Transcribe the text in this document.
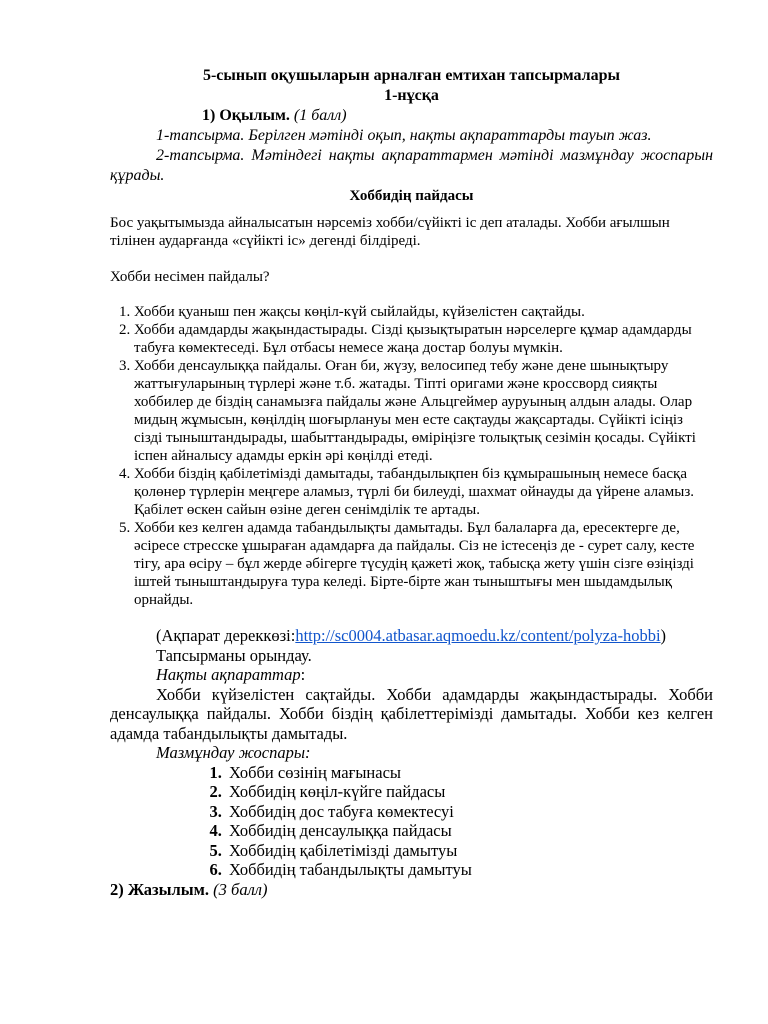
5-сынып оқушыларын арналған емтихан тапсырмалары
1-нұсқа
1) Оқылым. (1 балл)

1-тапсырма. Берілген мәтінді оқып, нақты ақпараттарды тауып жаз.

2-тапсырма. Мәтіндегі нақты ақпараттармен мәтінді мазмұндау жоспарын құрады.

Хоббидің пайдасы

Бос уақытымызда айналысатын нәрсеміз хобби/сүйікті іс деп аталады. Хобби ағылшын тілінен аударғанда «сүйікті іс» дегенді білдіреді.

Хобби несімен пайдалы?

1. Хобби қуаныш пен жақсы көңіл-күй сыйлайды, күйзелістен сақтайды.
2. Хобби адамдарды жақындастырады. Сізді қызықтыратын нәрселерге құмар адамдарды табуға көмектеседі. Бұл отбасы немесе жаңа достар болуы мүмкін.
3. Хобби денсаулыққа пайдалы. Оған би, жүзу, велосипед тебу және дене шынықтыру жаттығуларының түрлері және т.б. жатады. Тіпті оригами және кроссворд сияқты хоббилер де біздің санамызға пайдалы және Альцгеймер ауруының алдын алады. Олар мидың жұмысын, көңілдің шоғырлануы мен есте сақтауды жақсартады. Сүйікті ісіңіз сізді тыныштандырады, шабыттандырады, өміріңізге толықтық сезімін қосады. Сүйікті іспен айналысу адамды еркін әрі көңілді етеді.
4. Хобби біздің қабілетімізді дамытады, табандылықпен біз құмырашының немесе басқа қолөнер түрлерін меңгере аламыз, түрлі би билеуді, шахмат ойнауды да үйрене аламыз. Қабілет өскен сайын өзіне деген сенімділік те артады.
5. Хобби кез келген адамда табандылықты дамытады. Бұл балаларға да, ересектерге де, әсіресе стресске ұшыраған адамдарға да пайдалы. Сіз не істесеңіз де - сурет салу, кесте тігу, ара өсіру – бұл жерде әбігерге түсудің қажеті жоқ, табысқа жету үшін сізге өзіңізді іштей тыныштандыруға тура келеді. Бірте-бірте жан тыныштығы мен шыдамдылық орнайды.

(Ақпарат дереккөзі:http://sc0004.atbasar.aqmoedu.kz/content/polyza-hobbi)

Тапсырманы орындау.

Нақты ақпараттар:

Хобби күйзелістен сақтайды. Хобби адамдарды жақындастырады. Хобби денсаулыққа пайдалы. Хобби біздің қабілеттерімізді дамытады. Хобби кез келген адамда табандылықты дамытады.

Мазмұндау жоспары:

1. Хобби сөзінің мағынасы
2. Хоббидің көңіл-күйге пайдасы
3. Хоббидің дос табуға көмектесуі
4. Хоббидің денсаулыққа пайдасы
5. Хоббидің қабілетімізді дамытуы
6. Хоббидің табандылықты дамытуы

2) Жазылым. (3 балл)
